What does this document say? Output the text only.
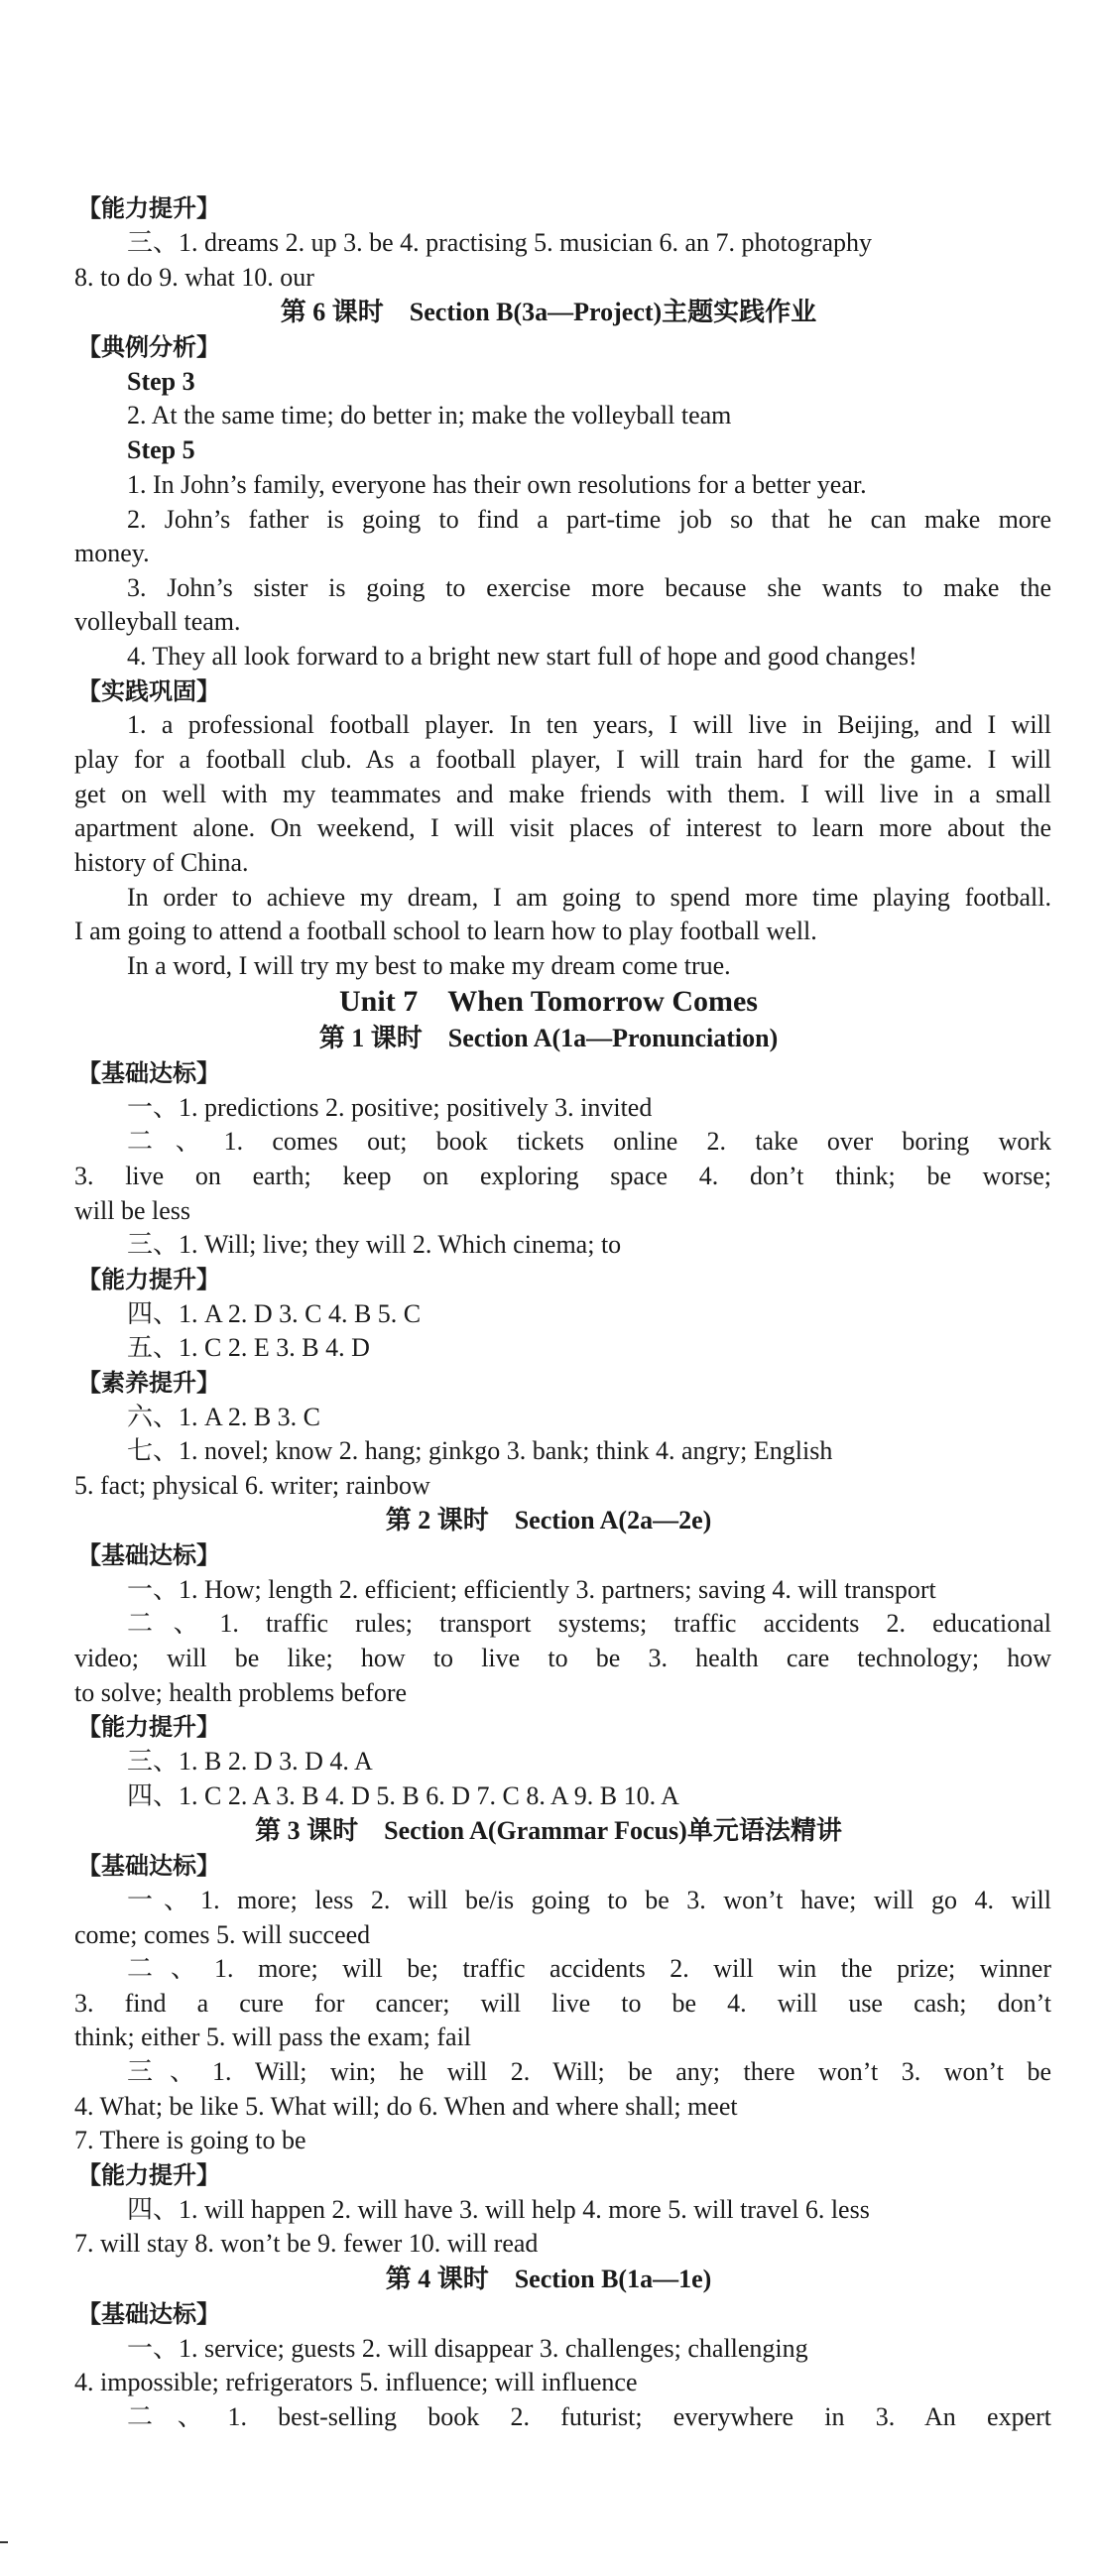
【能力提升】
三、1. dreams 2. up 3. be 4. practising 5. musician 6. an 7. photography
8. to do 9. what 10. our
第 6 课时　Section B(3a—Project)主题实践作业
【典例分析】
Step 3
2. At the same time; do better in; make the volleyball team
Step 5
1. In John’s family, everyone has their own resolutions for a better year.
2. John’s father is going to find a part-time job so that he can make more
money.
3. John’s sister is going to exercise more because she wants to make the
volleyball team.
4. They all look forward to a bright new start full of hope and good changes!
【实践巩固】
1. a professional football player. In ten years, I will live in Beijing, and I will
play for a football club. As a football player, I will train hard for the game. I will
get on well with my teammates and make friends with them. I will live in a small
apartment alone. On weekend, I will visit places of interest to learn more about the
history of China.
In order to achieve my dream, I am going to spend more time playing football.
I am going to attend a football school to learn how to play football well.
In a word, I will try my best to make my dream come true.
Unit 7　When Tomorrow Comes
第 1 课时　Section A(1a—Pronunciation)
【基础达标】
一、1. predictions 2. positive; positively 3. invited
二、1. comes out; book tickets online 2. take over boring work
3. live on earth; keep on exploring space 4. don’t think; be worse;
will be less
三、1. Will; live; they will 2. Which cinema; to
【能力提升】
四、1. A 2. D 3. C 4. B 5. C
五、1. C 2. E 3. B 4. D
【素养提升】
六、1. A 2. B 3. C
七、1. novel; know 2. hang; ginkgo 3. bank; think 4. angry; English
5. fact; physical 6. writer; rainbow
第 2 课时　Section A(2a—2e)
【基础达标】
一、1. How; length 2. efficient; efficiently 3. partners; saving 4. will transport
二、1. traffic rules; transport systems; traffic accidents 2. educational
video; will be like; how to live to be 3. health care technology; how
to solve; health problems before
【能力提升】
三、1. B 2. D 3. D 4. A
四、1. C 2. A 3. B 4. D 5. B 6. D 7. C 8. A 9. B 10. A
第 3 课时　Section A(Grammar Focus)单元语法精讲
【基础达标】
一、1. more; less 2. will be/is going to be 3. won’t have; will go 4. will
come; comes 5. will succeed
二、1. more; will be; traffic accidents 2. will win the prize; winner
3. find a cure for cancer; will live to be 4. will use cash; don’t
think; either 5. will pass the exam; fail
三、1. Will; win; he will 2. Will; be any; there won’t 3. won’t be
4. What; be like 5. What will; do 6. When and where shall; meet
7. There is going to be
【能力提升】
四、1. will happen 2. will have 3. will help 4. more 5. will travel 6. less
7. will stay 8. won’t be 9. fewer 10. will read
第 4 课时　Section B(1a—1e)
【基础达标】
一、1. service; guests 2. will disappear 3. challenges; challenging
4. impossible; refrigerators 5. influence; will influence
二、1. best-selling book 2. futurist; everywhere in 3. An expert
